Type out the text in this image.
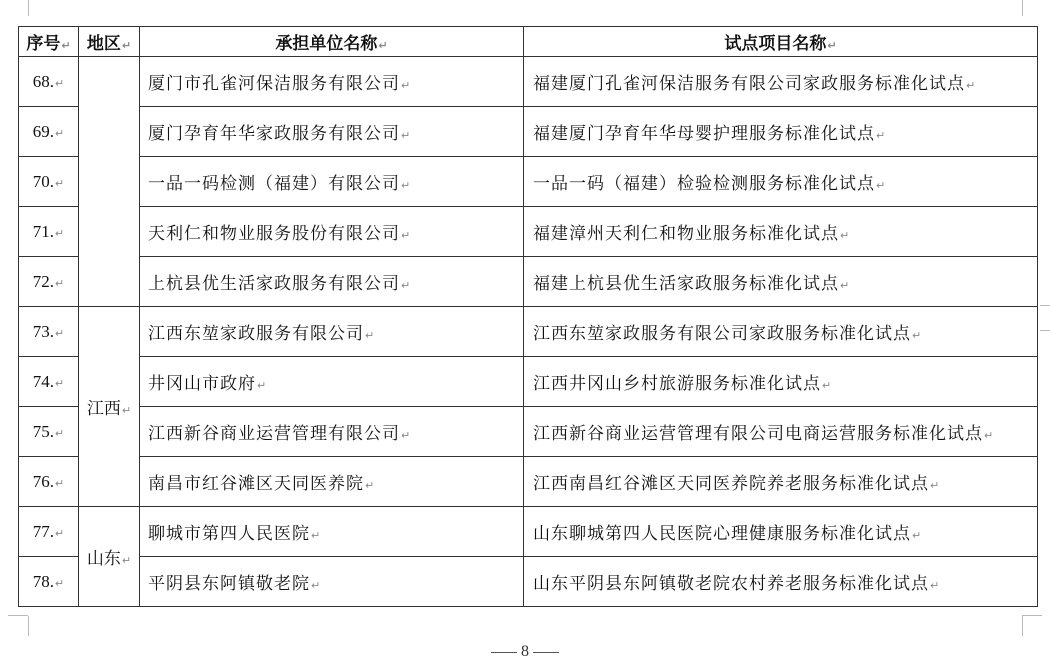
序号↵	地区↵	承担单位名称↵	试点项目名称↵
68.↵		厦门市孔雀河保洁服务有限公司↵	福建厦门孔雀河保洁服务有限公司家政服务标准化试点↵
69.↵		厦门孕育年华家政服务有限公司↵	福建厦门孕育年华母婴护理服务标准化试点↵
70.↵		一品一码检测（福建）有限公司↵	一品一码（福建）检验检测服务标准化试点↵
71.↵		天利仁和物业服务股份有限公司↵	福建漳州天利仁和物业服务标准化试点↵
72.↵		上杭县优生活家政服务有限公司↵	福建上杭县优生活家政服务标准化试点↵
73.↵	江西↵	江西东堃家政服务有限公司↵	江西东堃家政服务有限公司家政服务标准化试点↵
74.↵		井冈山市政府↵	江西井冈山乡村旅游服务标准化试点↵
75.↵		江西新谷商业运营管理有限公司↵	江西新谷商业运营管理有限公司电商运营服务标准化试点↵
76.↵		南昌市红谷滩区天同医养院↵	江西南昌红谷滩区天同医养院养老服务标准化试点↵
77.↵	山东↵	聊城市第四人民医院↵	山东聊城第四人民医院心理健康服务标准化试点↵
78.↵		平阴县东阿镇敬老院↵	山东平阴县东阿镇敬老院农村养老服务标准化试点↵
8
